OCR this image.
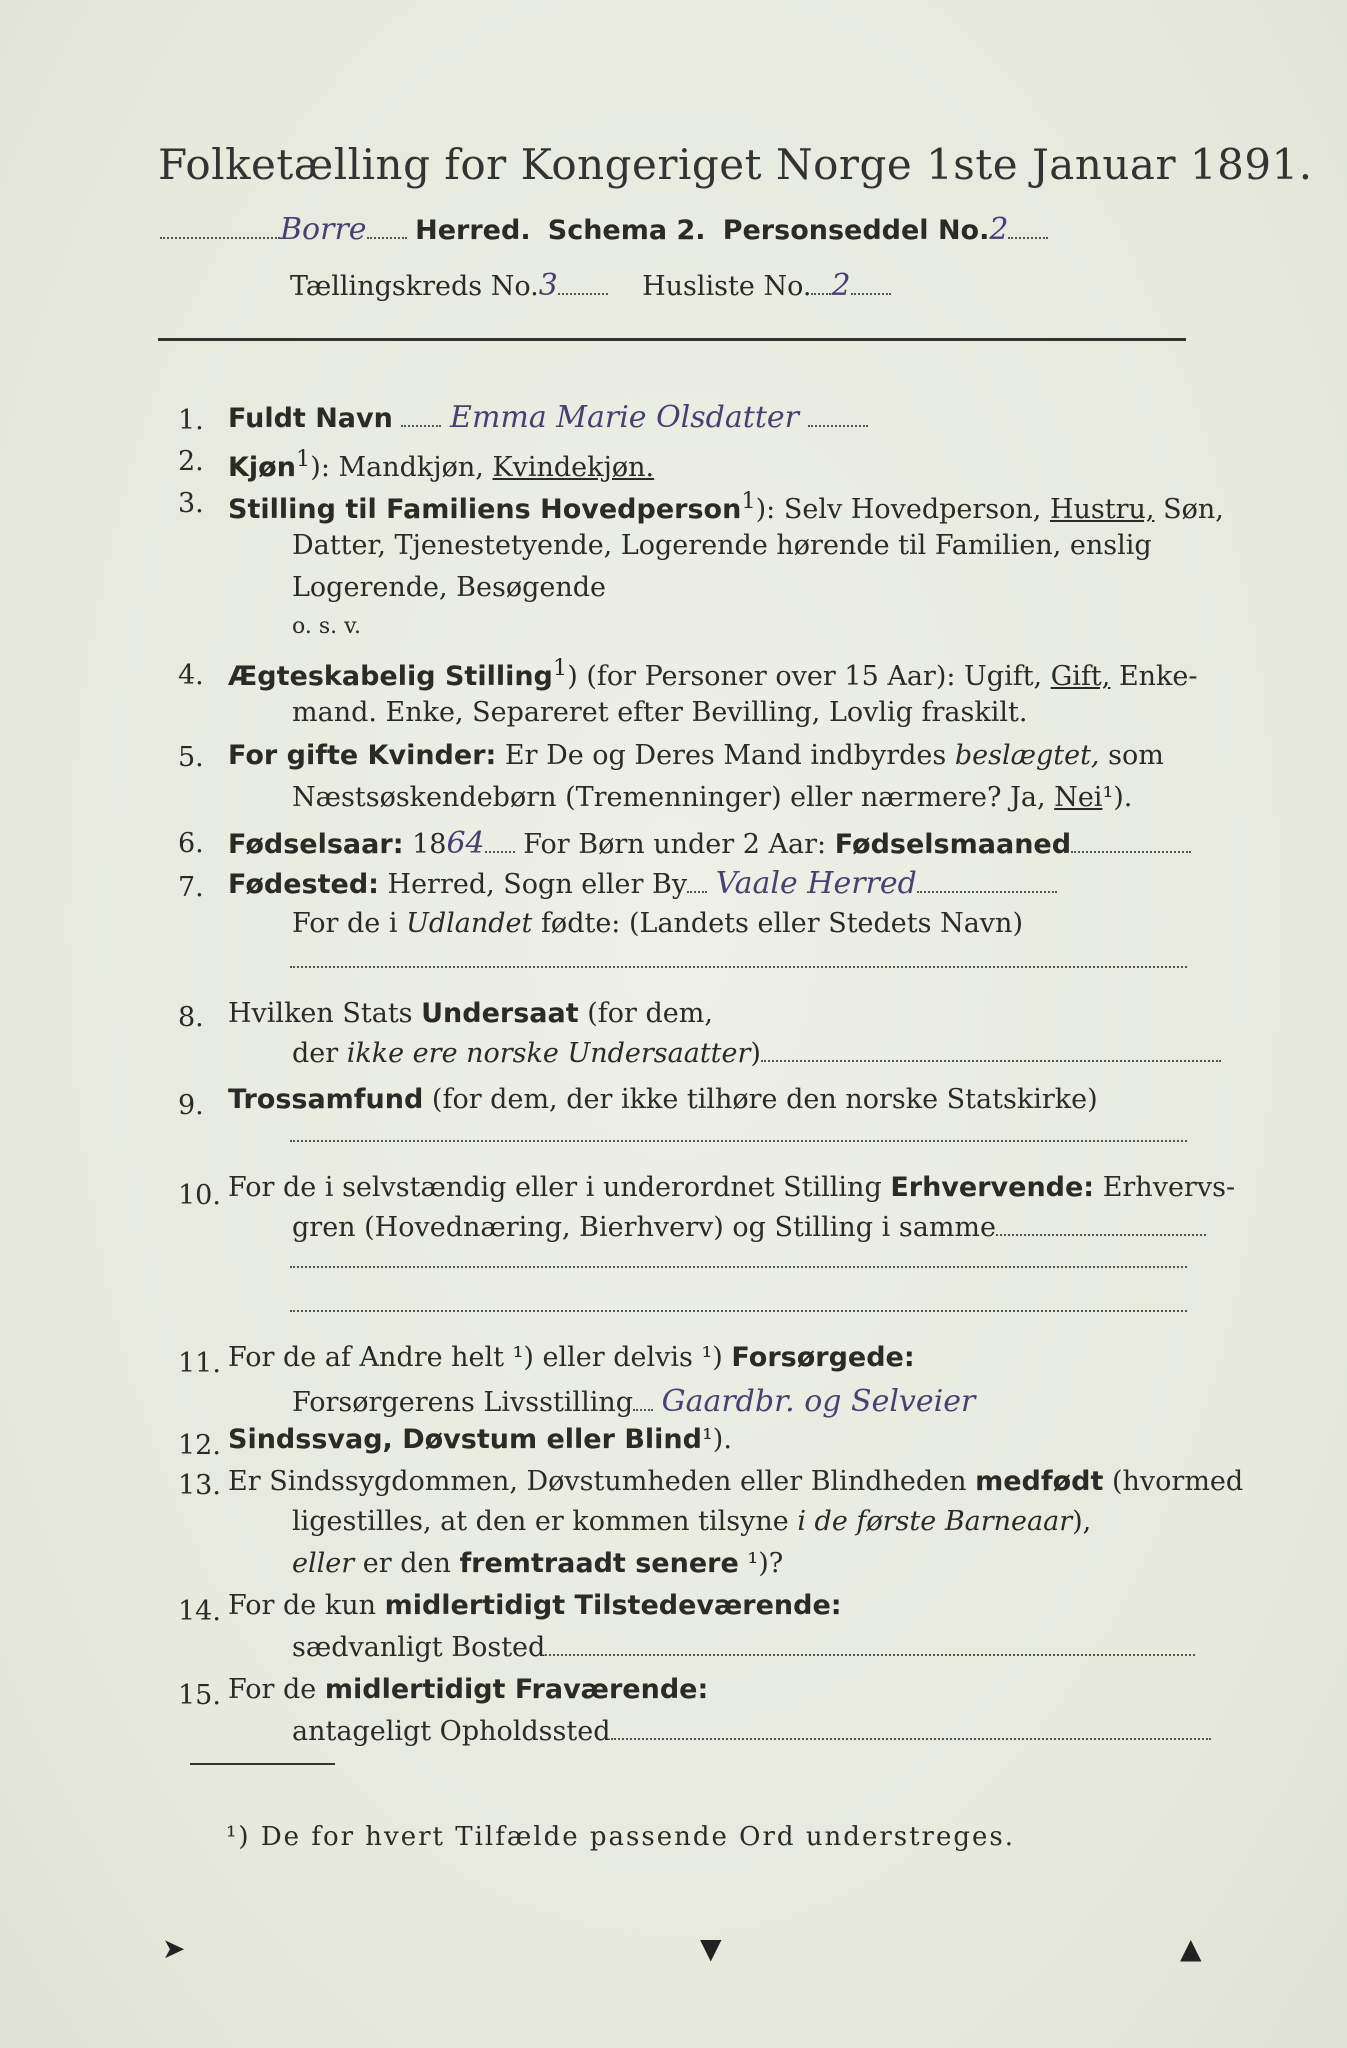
Folketælling for Kongeriget Norge 1ste Januar 1891.
Borre Herred. Schema 2. Personseddel No.2
Tællingskreds No.3	Husliste No. 2
1. Fuldt Navn Emma Marie Olsdatter
2. Kjøn$^1$): Mandkjøn, Kvindekjøn.
3. Stilling til Familiens Hovedperson$^1$): Selv Hovedperson, Hustru, Søn,
Datter, Tjenestetyende, Logerende hørende til Familien, enslig
Logerende, Besøgende
o. s. v.
4. Ægteskabelig Stilling$^1$) (for Personer over 15 Aar): Ugift, Gift, Enke-
mand. Enke, Separeret efter Bevilling, Lovlig fraskilt.
5. For gifte Kvinder: Er De og Deres Mand indbyrdes beslægtet, som
Næstsøskendebørn (Tremenninger) eller nærmere? Ja, Nei¹).
6. Fødselsaar: 1864 For Børn under 2 Aar: Fødselsmaaned
7. Fødested: Herred, Sogn eller By Vaale Herred
For de i Udlandet fødte: (Landets eller Stedets Navn)
8. Hvilken Stats Undersaat (for dem,
der ikke ere norske Undersaatter)
9. Trossamfund (for dem, der ikke tilhøre den norske Statskirke)
10. For de i selvstændig eller i underordnet Stilling Erhvervende: Erhvervs-
gren (Hovednæring, Bierhverv) og Stilling i samme
11. For de af Andre helt ¹) eller delvis ¹) Forsørgede:
Forsørgerens Livsstilling Gaardbr. og Selveier
12. Sindssvag, Døvstum eller Blind¹).
13. Er Sindssygdommen, Døvstumheden eller Blindheden medfødt (hvormed
ligestilles, at den er kommen tilsyne i de første Barneaar),
eller er den fremtraadt senere ¹)?
14. For de kun midlertidigt Tilstedeværende:
sædvanligt Bosted
15. For de midlertidigt Fraværende:
antageligt Opholdssted
¹) De for hvert Tilfælde passende Ord understreges.
➤	▼	▲
